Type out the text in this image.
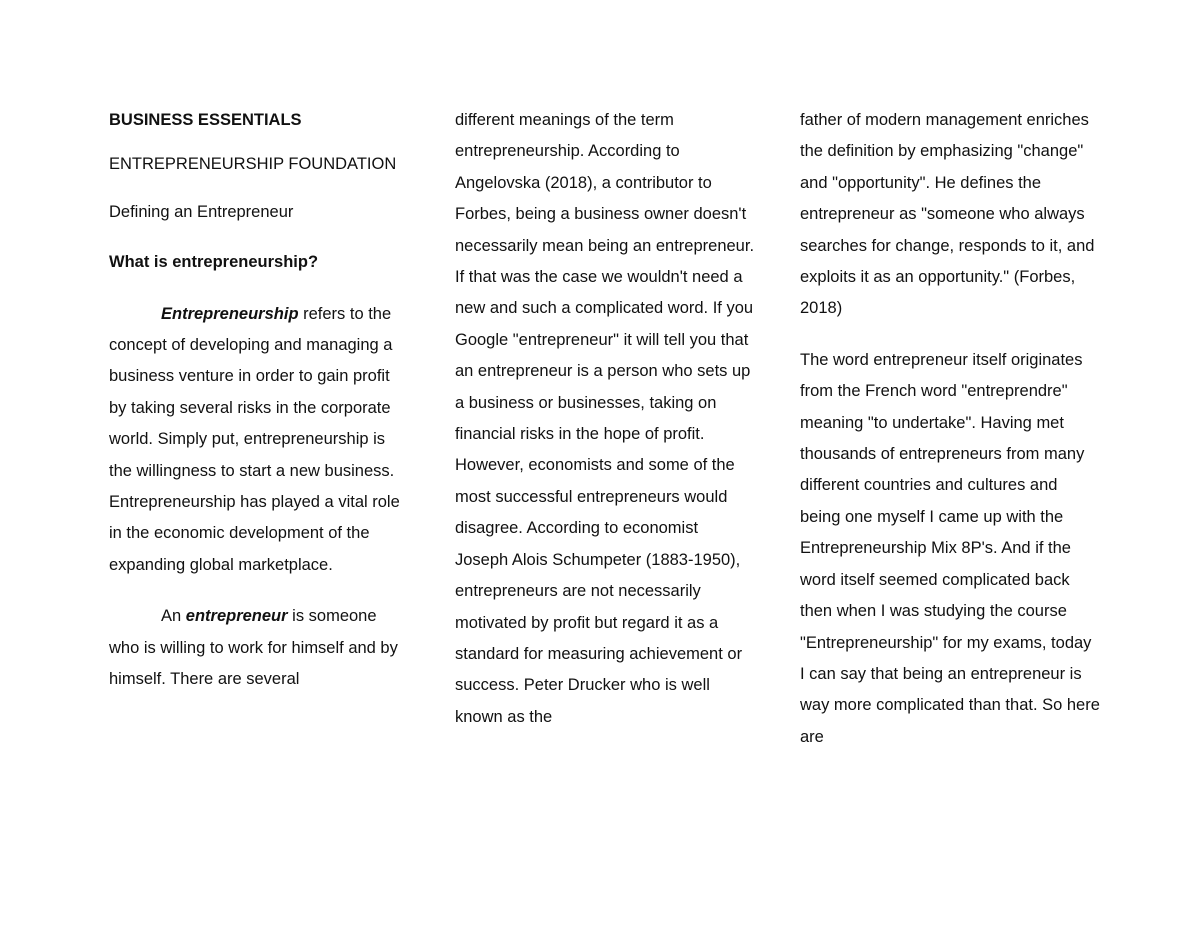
BUSINESS ESSENTIALS

ENTREPRENEURSHIP FOUNDATION

Defining an Entrepreneur

What is entrepreneurship?

Entrepreneurship refers to the concept of developing and managing a business venture in order to gain profit by taking several risks in the corporate world. Simply put, entrepreneurship is the willingness to start a new business. Entrepreneurship has played a vital role in the economic development of the expanding global marketplace.

An entrepreneur is someone who is willing to work for himself and by himself. There are several

different meanings of the term entrepreneurship. According to Angelovska (2018), a contributor to Forbes, being a business owner doesn't necessarily mean being an entrepreneur. If that was the case we wouldn't need a new and such a complicated word. If you Google "entrepreneur" it will tell you that an entrepreneur is a person who sets up a business or businesses, taking on financial risks in the hope of profit. However, economists and some of the most successful entrepreneurs would disagree. According to economist Joseph Alois Schumpeter (1883-1950), entrepreneurs are not necessarily motivated by profit but regard it as a standard for measuring achievement or success. Peter Drucker who is well known as the

father of modern management enriches the definition by emphasizing "change" and "opportunity". He defines the entrepreneur as "someone who always searches for change, responds to it, and exploits it as an opportunity." (Forbes, 2018)

The word entrepreneur itself originates from the French word "entreprendre" meaning "to undertake". Having met thousands of entrepreneurs from many different countries and cultures and being one myself I came up with the Entrepreneurship Mix 8P's. And if the word itself seemed complicated back then when I was studying the course "Entrepreneurship" for my exams, today I can say that being an entrepreneur is way more complicated than that. So here are
